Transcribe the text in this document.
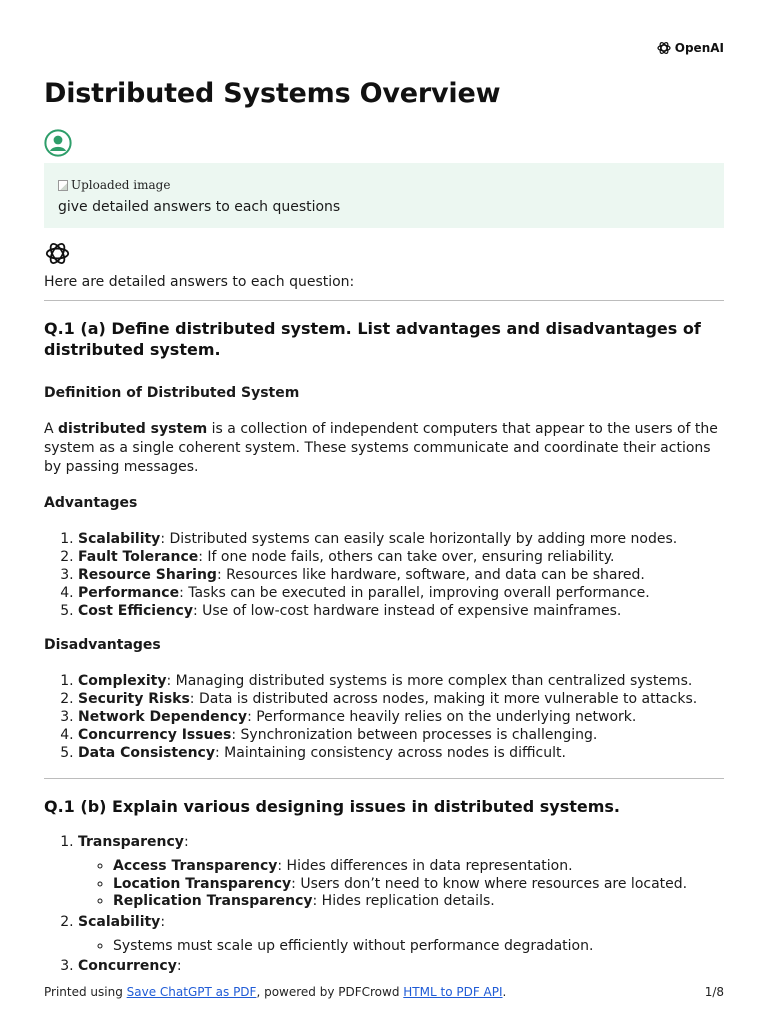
OpenAI
Distributed Systems Overview
Uploaded image
give detailed answers to each questions

Here are detailed answers to each question:

Q.1 (a) Define distributed system. List advantages and disadvantages of distributed system.
Definition of Distributed System

A distributed system is a collection of independent computers that appear to the users of the system as a single coherent system. These systems communicate and coordinate their actions by passing messages.

Advantages
1. Scalability: Distributed systems can easily scale horizontally by adding more nodes.
2. Fault Tolerance: If one node fails, others can take over, ensuring reliability.
3. Resource Sharing: Resources like hardware, software, and data can be shared.
4. Performance: Tasks can be executed in parallel, improving overall performance.
5. Cost Efficiency: Use of low-cost hardware instead of expensive mainframes.
Disadvantages
1. Complexity: Managing distributed systems is more complex than centralized systems.
2. Security Risks: Data is distributed across nodes, making it more vulnerable to attacks.
3. Network Dependency: Performance heavily relies on the underlying network.
4. Concurrency Issues: Synchronization between processes is challenging.
5. Data Consistency: Maintaining consistency across nodes is difficult.
Q.1 (b) Explain various designing issues in distributed systems.
1. Transparency:
◦ Access Transparency: Hides differences in data representation.
◦ Location Transparency: Users don’t need to know where resources are located.
◦ Replication Transparency: Hides replication details.
2. Scalability:
◦ Systems must scale up efficiently without performance degradation.
3. Concurrency:
Printed using Save ChatGPT as PDF, powered by PDFCrowd HTML to PDF API.	1/8
